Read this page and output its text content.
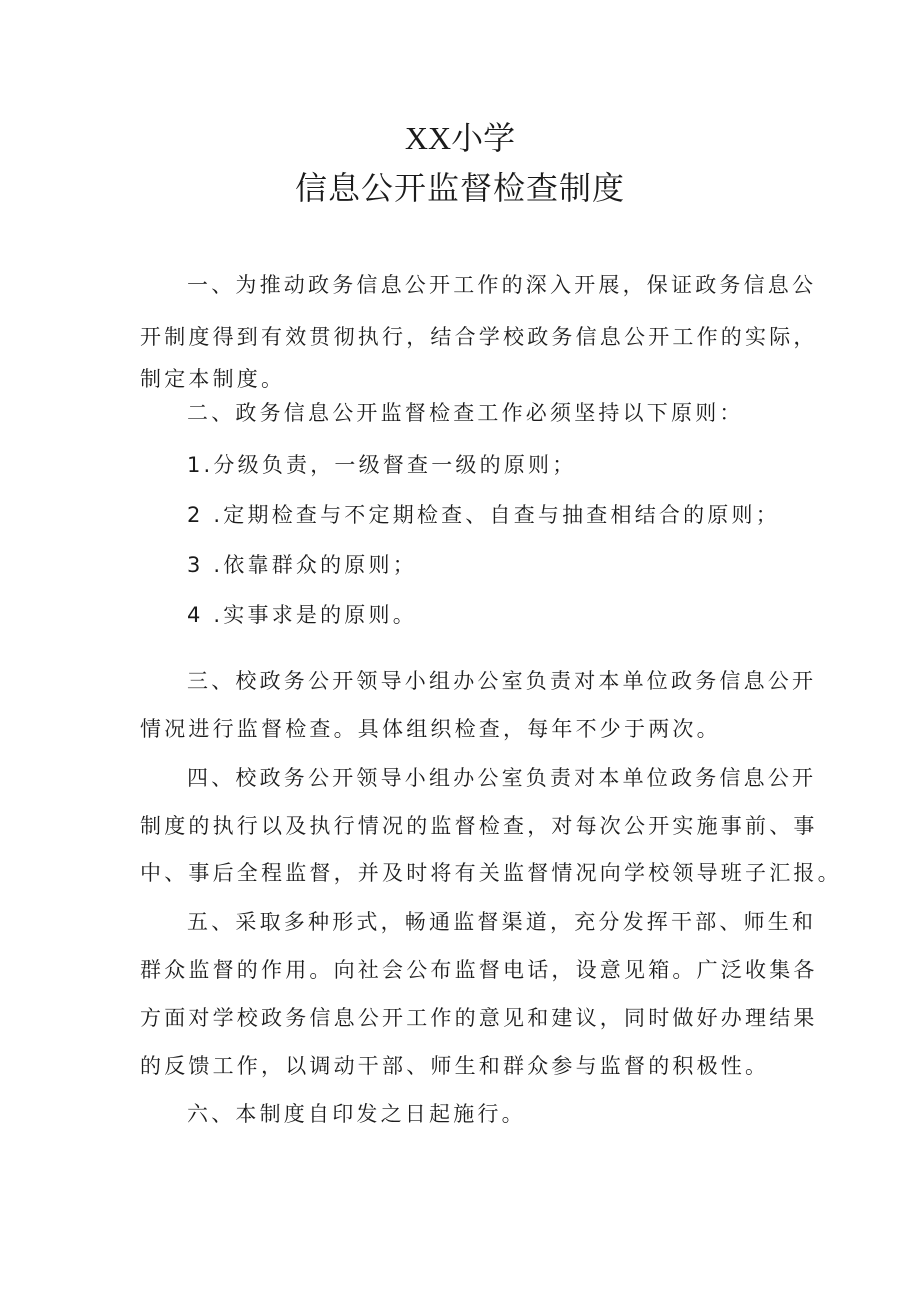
XX小学
信息公开监督检查制度
一、为推动政务信息公开工作的深入开展，保证政务信息公
开制度得到有效贯彻执行，结合学校政务信息公开工作的实际，
制定本制度。
二、政务信息公开监督检查工作必须坚持以下原则：
1.分级负责，一级督查一级的原则；
2 .定期检查与不定期检查、自查与抽查相结合的原则；
3 .依靠群众的原则；
4 .实事求是的原则。
三、校政务公开领导小组办公室负责对本单位政务信息公开
情况进行监督检查。具体组织检查，每年不少于两次。
四、校政务公开领导小组办公室负责对本单位政务信息公开
制度的执行以及执行情况的监督检查，对每次公开实施事前、事
中、事后全程监督，并及时将有关监督情况向学校领导班子汇报。
五、采取多种形式，畅通监督渠道，充分发挥干部、师生和
群众监督的作用。向社会公布监督电话，设意见箱。广泛收集各
方面对学校政务信息公开工作的意见和建议，同时做好办理结果
的反馈工作，以调动干部、师生和群众参与监督的积极性。
六、本制度自印发之日起施行。
